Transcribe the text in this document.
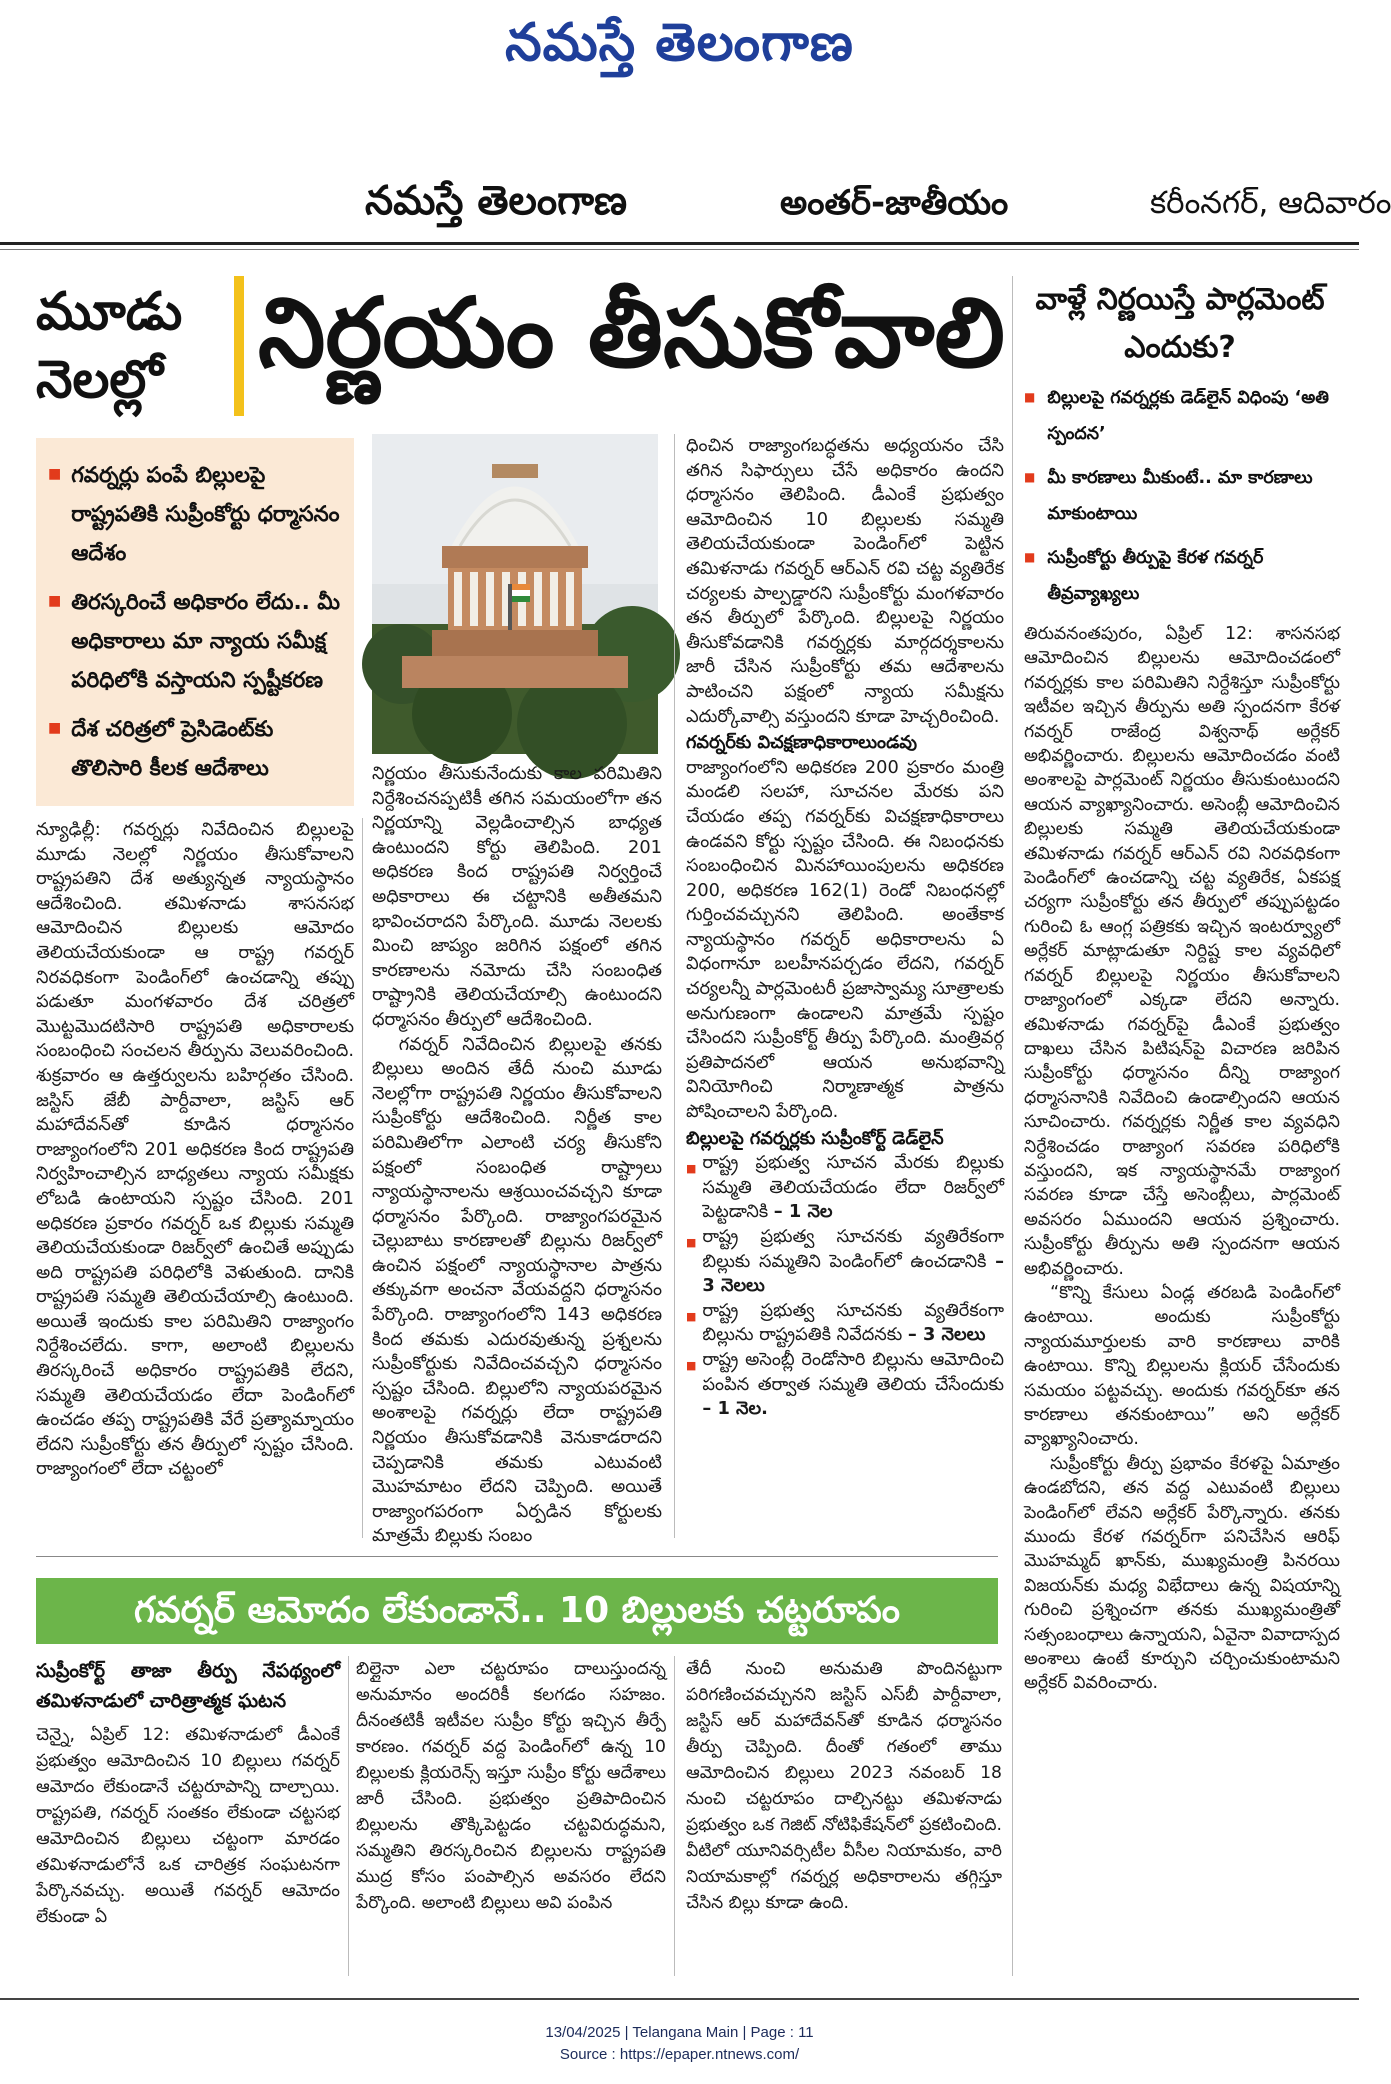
నమస్తే తెలంగాణ
నమస్తే తెలంగాణ	అంతర్-జాతీయం	కరీంనగర్, ఆదివారం
మూడు నెలల్లో నిర్ణయం తీసుకోవాలి
■ గవర్నర్లు పంపే బిల్లులపై రాష్ట్రపతికి సుప్రీంకోర్టు ధర్మాసనం ఆదేశం
■ తిరస్కరించే అధికారం లేదు.. మీ అధికారాలు మా న్యాయ సమీక్ష పరిధిలోకి వస్తాయని స్పష్టీకరణ
■ దేశ చరిత్రలో ప్రెసిడెంట్‌కు తొలిసారి కీలక ఆదేశాలు

న్యూఢిల్లీ: గవర్నర్లు నివేదించిన బిల్లులపై మూడు నెలల్లో నిర్ణయం తీసుకోవాలని రాష్ట్రపతిని దేశ అత్యున్నత న్యాయస్థానం ఆదేశించింది. తమిళనాడు శాసనసభ ఆమోదించిన బిల్లులకు ఆమోదం తెలియచేయకుండా ఆ రాష్ట్ర గవర్నర్ నిరవధికంగా పెండింగ్‌లో ఉంచడాన్ని తప్పు పడుతూ మంగళవారం దేశ చరిత్రలో మొట్టమొదటిసారి రాష్ట్రపతి అధికారాలకు సంబంధించి సంచలన తీర్పును వెలువరించింది. శుక్రవారం ఆ ఉత్తర్వులను బహిర్గతం చేసింది. జస్టిస్ జేబీ పార్దీవాలా, జస్టిస్ ఆర్ మహాదేవన్‌తో కూడిన ధర్మాసనం రాజ్యాంగంలోని 201 అధికరణ కింద రాష్ట్రపతి నిర్వహించాల్సిన బాధ్యతలు న్యాయ సమీక్షకు లోబడి ఉంటాయని స్పష్టం చేసింది. 201 అధికరణ ప్రకారం గవర్నర్ ఒక బిల్లుకు సమ్మతి తెలియచేయకుండా రిజర్వ్‌లో ఉంచితే అప్పుడు అది రాష్ట్రపతి పరిధిలోకి వెళుతుంది. దానికి రాష్ట్రపతి సమ్మతి తెలియచేయాల్సి ఉంటుంది. అయితే ఇందుకు కాల పరిమితిని రాజ్యాంగం నిర్దేశించలేదు. కాగా, అలాంటి బిల్లులను తిరస్కరించే అధికారం రాష్ట్రపతికి లేదని, సమ్మతి తెలియచేయడం లేదా పెండింగ్‌లో ఉంచడం తప్ప రాష్ట్రపతికి వేరే ప్రత్యామ్నాయం లేదని సుప్రీంకోర్టు తన తీర్పులో స్పష్టం చేసింది. రాజ్యాంగంలో లేదా చట్టంలో

నిర్ణయం తీసుకునేందుకు కాల పరిమితిని నిర్దేశించనప్పటికీ తగిన సమయంలోగా తన నిర్ణయాన్ని వెల్లడించాల్సిన బాధ్యత ఉంటుందని కోర్టు తెలిపింది. 201 అధికరణ కింద రాష్ట్రపతి నిర్వర్తించే అధికారాలు ఈ చట్టానికి అతీతమని భావించరాదని పేర్కొంది. మూడు నెలలకు మించి జాప్యం జరిగిన పక్షంలో తగిన కారణాలను నమోదు చేసి సంబంధిత రాష్ట్రానికి తెలియచేయాల్సి ఉంటుందని ధర్మాసనం తీర్పులో ఆదేశించింది.

గవర్నర్ నివేదించిన బిల్లులపై తనకు బిల్లులు అందిన తేదీ నుంచి మూడు నెలల్లోగా రాష్ట్రపతి నిర్ణయం తీసుకోవాలని సుప్రీంకోర్టు ఆదేశించింది. నిర్ణీత కాల పరిమితిలోగా ఎలాంటి చర్య తీసుకోని పక్షంలో సంబంధిత రాష్ట్రాలు న్యాయస్థానాలను ఆశ్రయించవచ్చని కూడా ధర్మాసనం పేర్కొంది. రాజ్యాంగపరమైన చెల్లుబాటు కారణాలతో బిల్లును రిజర్వ్‌లో ఉంచిన పక్షంలో న్యాయస్థానాల పాత్రను తక్కువగా అంచనా వేయవద్దని ధర్మాసనం పేర్కొంది. రాజ్యాంగంలోని 143 అధికరణ కింద తమకు ఎదురవుతున్న ప్రశ్నలను సుప్రీంకోర్టుకు నివేదించవచ్చని ధర్మాసనం స్పష్టం చేసింది. బిల్లులోని న్యాయపరమైన అంశాలపై గవర్నర్లు లేదా రాష్ట్రపతి నిర్ణయం తీసుకోవడానికి వెనుకాడరాదని చెప్పడానికి తమకు ఎటువంటి మొహమాటం లేదని చెప్పింది. అయితే రాజ్యాంగపరంగా ఏర్పడిన కోర్టులకు మాత్రమే బిల్లుకు సంబం

ధించిన రాజ్యాంగబద్ధతను అధ్యయనం చేసి తగిన సిఫార్సులు చేసే అధికారం ఉందని ధర్మాసనం తెలిపింది. డీఎంకే ప్రభుత్వం ఆమోదించిన 10 బిల్లులకు సమ్మతి తెలియచేయకుండా పెండింగ్‌లో పెట్టిన తమిళనాడు గవర్నర్ ఆర్‌ఎన్ రవి చట్ట వ్యతిరేక చర్యలకు పాల్పడ్డారని సుప్రీంకోర్టు మంగళవారం తన తీర్పులో పేర్కొంది. బిల్లులపై నిర్ణయం తీసుకోవడానికి గవర్నర్లకు మార్గదర్శకాలను జారీ చేసిన సుప్రీంకోర్టు తమ ఆదేశాలను పాటించని పక్షంలో న్యాయ సమీక్షను ఎదుర్కోవాల్సి వస్తుందని కూడా హెచ్చరించింది.

గవర్నర్‌కు విచక్షణాధికారాలుండవు

రాజ్యాంగంలోని అధికరణ 200 ప్రకారం మంత్రి మండలి సలహా, సూచనల మేరకు పని చేయడం తప్ప గవర్నర్‌కు విచక్షణాధికారాలు ఉండవని కోర్టు స్పష్టం చేసింది. ఈ నిబంధనకు సంబంధించిన మినహాయింపులను అధికరణ 200, అధికరణ 162(1) రెండో నిబంధనల్లో గుర్తించవచ్చునని తెలిపింది. అంతేకాక న్యాయస్థానం గవర్నర్ అధికారాలను ఏ విధంగానూ బలహీనపర్చడం లేదని, గవర్నర్ చర్యలన్నీ పార్లమెంటరీ ప్రజాస్వామ్య సూత్రాలకు అనుగుణంగా ఉండాలని మాత్రమే స్పష్టం చేసిందని సుప్రీంకోర్ట్ తీర్పు పేర్కొంది. మంత్రివర్గ ప్రతిపాదనలో ఆయన అనుభవాన్ని వినియోగించి నిర్మాణాత్మక పాత్రను పోషించాలని పేర్కొంది.

బిల్లులపై గవర్నర్లకు సుప్రీంకోర్ట్ డెడ్‌లైన్

■ రాష్ట్ర ప్రభుత్వ సూచన మేరకు బిల్లుకు సమ్మతి తెలియచేయడం లేదా రిజర్వ్‌లో పెట్టడానికి – 1 నెల
■ రాష్ట్ర ప్రభుత్వ సూచనకు వ్యతిరేకంగా బిల్లుకు సమ్మతిని పెండింగ్‌లో ఉంచడానికి – 3 నెలలు
■ రాష్ట్ర ప్రభుత్వ సూచనకు వ్యతిరేకంగా బిల్లును రాష్ట్రపతికి నివేదనకు – 3 నెలలు
■ రాష్ట్ర అసెంబ్లీ రెండోసారి బిల్లును ఆమోదించి పంపిన తర్వాత సమ్మతి తెలియ చేసేందుకు – 1 నెల.
వాళ్లే నిర్ణయిస్తే పార్లమెంట్ ఎందుకు?
■ బిల్లులపై గవర్నర్లకు డెడ్‌లైన్ విధింపు ‘అతి స్పందన’
■ మీ కారణాలు మీకుంటే.. మా కారణాలు మాకుంటాయి
■ సుప్రీంకోర్టు తీర్పుపై కేరళ గవర్నర్ తీవ్రవ్యాఖ్యలు

తిరువనంతపురం, ఏప్రిల్ 12: శాసనసభ ఆమోదించిన బిల్లులను ఆమోదించడంలో గవర్నర్లకు కాల పరిమితిని నిర్దేశిస్తూ సుప్రీంకోర్టు ఇటీవల ఇచ్చిన తీర్పును అతి స్పందనగా కేరళ గవర్నర్ రాజేంద్ర విశ్వనాథ్ అర్లేకర్ అభివర్ణించారు. బిల్లులను ఆమోదించడం వంటి అంశాలపై పార్లమెంట్ నిర్ణయం తీసుకుంటుందని ఆయన వ్యాఖ్యానించారు. అసెంబ్లీ ఆమోదించిన బిల్లులకు సమ్మతి తెలియచేయకుండా తమిళనాడు గవర్నర్ ఆర్‌ఎన్ రవి నిరవధికంగా పెండింగ్‌లో ఉంచడాన్ని చట్ట వ్యతిరేక, ఏకపక్ష చర్యగా సుప్రీంకోర్టు తన తీర్పులో తప్పుపట్టడం గురించి ఓ ఆంగ్ల పత్రికకు ఇచ్చిన ఇంటర్వ్యూలో అర్లేకర్ మాట్లాడుతూ నిర్దిష్ట కాల వ్యవధిలో గవర్నర్ బిల్లులపై నిర్ణయం తీసుకోవాలని రాజ్యాంగంలో ఎక్కడా లేదని అన్నారు. తమిళనాడు గవర్నర్‌పై డీఎంకే ప్రభుత్వం దాఖలు చేసిన పిటిషన్‌పై విచారణ జరిపిన సుప్రీంకోర్టు ధర్మాసనం దీన్ని రాజ్యాంగ ధర్మాసనానికి నివేదించి ఉండాల్సిందని ఆయన సూచించారు. గవర్నర్లకు నిర్ణీత కాల వ్యవధిని నిర్దేశించడం రాజ్యాంగ సవరణ పరిధిలోకి వస్తుందని, ఇక న్యాయస్థానమే రాజ్యాంగ సవరణ కూడా చేస్తే అసెంబ్లీలు, పార్లమెంట్ అవసరం ఏముందని ఆయన ప్రశ్నించారు. సుప్రీంకోర్టు తీర్పును అతి స్పందనగా ఆయన అభివర్ణించారు.

“కొన్ని కేసులు ఏండ్ల తరబడి పెండింగ్‌లో ఉంటాయి. అందుకు సుప్రీంకోర్టు న్యాయమూర్తులకు వారి కారణాలు వారికి ఉంటాయి. కొన్ని బిల్లులను క్లియర్ చేసేందుకు సమయం పట్టవచ్చు. అందుకు గవర్నర్‌కూ తన కారణాలు తనకుంటాయి” అని అర్లేకర్ వ్యాఖ్యానించారు.

సుప్రీంకోర్టు తీర్పు ప్రభావం కేరళపై ఏమాత్రం ఉండబోదని, తన వద్ద ఎటువంటి బిల్లులు పెండింగ్‌లో లేవని అర్లేకర్ పేర్కొన్నారు. తనకు ముందు కేరళ గవర్నర్‌గా పనిచేసిన ఆరిఫ్ మొహమ్మద్ ఖాన్‌కు, ముఖ్యమంత్రి పినరయి విజయన్‌కు మధ్య విభేదాలు ఉన్న విషయాన్ని గురించి ప్రశ్నించగా తనకు ముఖ్యమంత్రితో సత్సంబంధాలు ఉన్నాయని, ఏవైనా వివాదాస్పద అంశాలు ఉంటే కూర్చుని చర్చించుకుంటామని అర్లేకర్ వివరించారు.

గవర్నర్ ఆమోదం లేకుండానే.. 10 బిల్లులకు చట్టరూపం
సుప్రీంకోర్ట్ తాజా తీర్పు నేపథ్యంలో తమిళనాడులో చారిత్రాత్మక ఘటన

చెన్నై, ఏప్రిల్ 12: తమిళనాడులో డీఎంకే ప్రభుత్వం ఆమోదించిన 10 బిల్లులు గవర్నర్ ఆమోదం లేకుండానే చట్టరూపాన్ని దాల్చాయి. రాష్ట్రపతి, గవర్నర్ సంతకం లేకుండా చట్టసభ ఆమోదించిన బిల్లులు చట్టంగా మారడం తమిళనాడులోనే ఒక చారిత్రక సంఘటనగా పేర్కొనవచ్చు. అయితే గవర్నర్ ఆమోదం లేకుండా ఏ

బిల్లైనా ఎలా చట్టరూపం దాలుస్తుందన్న అనుమానం అందరికీ కలగడం సహజం. దీనంతటికీ ఇటీవల సుప్రీం కోర్టు ఇచ్చిన తీర్పే కారణం. గవర్నర్ వద్ద పెండింగ్‌లో ఉన్న 10 బిల్లులకు క్లియరెన్స్ ఇస్తూ సుప్రీం కోర్టు ఆదేశాలు జారీ చేసింది. ప్రభుత్వం ప్రతిపాదించిన బిల్లులను తొక్కిపెట్టడం చట్టవిరుద్ధమని, సమ్మతిని తిరస్కరించిన బిల్లులను రాష్ట్రపతి ముద్ర కోసం పంపాల్సిన అవసరం లేదని పేర్కొంది. అలాంటి బిల్లులు అవి పంపిన

తేదీ నుంచి అనుమతి పొందినట్టుగా పరిగణించవచ్చునని జస్టిస్ ఎస్‌బీ పార్దీవాలా, జస్టిస్ ఆర్ మహాదేవన్‌తో కూడిన ధర్మాసనం తీర్పు చెప్పింది. దీంతో గతంలో తాము ఆమోదించిన బిల్లులు 2023 నవంబర్ 18 నుంచి చట్టరూపం దాల్చినట్టు తమిళనాడు ప్రభుత్వం ఒక గెజిట్ నోటిఫికేషన్‌లో ప్రకటించింది. వీటిలో యూనివర్సిటీల వీసీల నియామకం, వారి నియామకాల్లో గవర్నర్ల అధికారాలను తగ్గిస్తూ చేసిన బిల్లు కూడా ఉంది.

13/04/2025 | Telangana Main | Page : 11
Source : https://epaper.ntnews.com/
